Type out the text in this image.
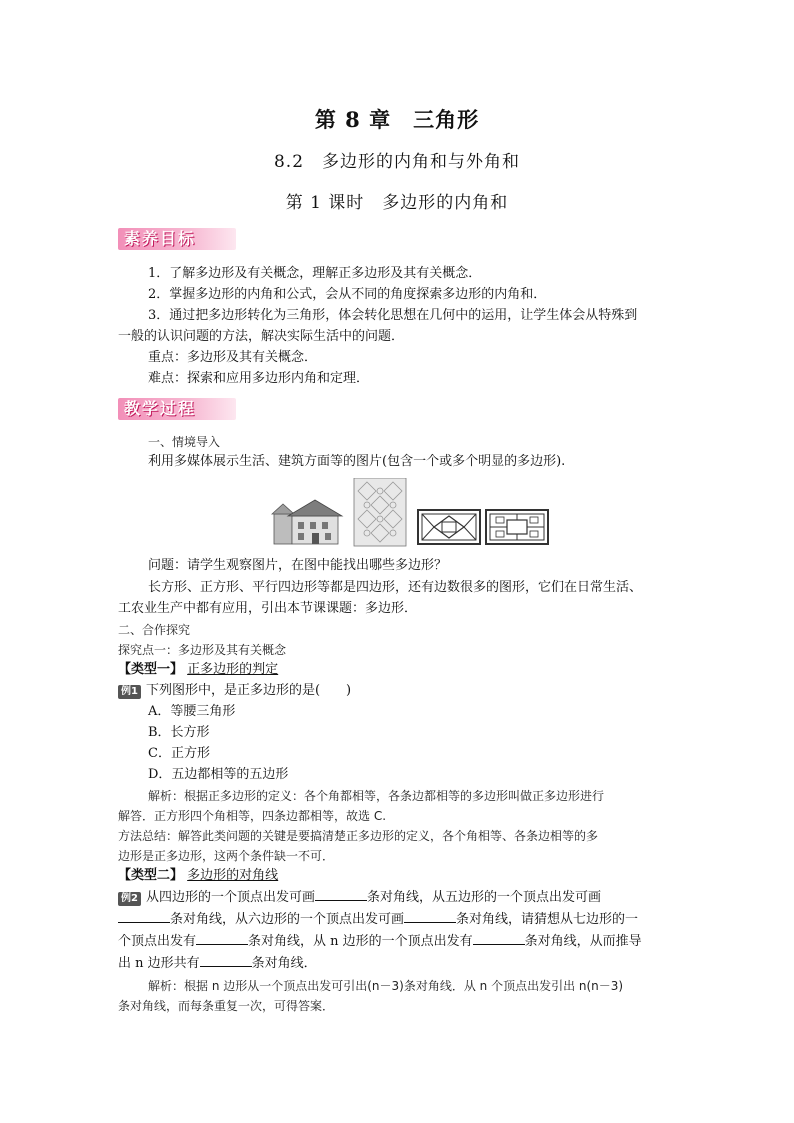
第 8 章　三角形
8.2　多边形的内角和与外角和
第 1 课时　多边形的内角和
素养目标
1．了解多边形及有关概念，理解正多边形及其有关概念．
2．掌握多边形的内角和公式，会从不同的角度探索多边形的内角和．
3．通过把多边形转化为三角形，体会转化思想在几何中的运用，让学生体会从特殊到
一般的认识问题的方法，解决实际生活中的问题．
重点：多边形及其有关概念．
难点：探索和应用多边形内角和定理．
教学过程
一、情境导入
利用多媒体展示生活、建筑方面等的图片(包含一个或多个明显的多边形).
问题：请学生观察图片，在图中能找出哪些多边形？
长方形、正方形、平行四边形等都是四边形，还有边数很多的图形，它们在日常生活、
工农业生产中都有应用，引出本节课课题：多边形．
二、合作探究
探究点一：多边形及其有关概念
【类型一】 正多边形的判定
例1 下列图形中，是正多边形的是(　　)
A．等腰三角形
B．长方形
C．正方形
D．五边都相等的五边形
解析：根据正多边形的定义：各个角都相等，各条边都相等的多边形叫做正多边形进行
解答．正方形四个角相等，四条边都相等，故选 C.
方法总结：解答此类问题的关键是要搞清楚正多边形的定义，各个角相等、各条边相等的多
边形是正多边形，这两个条件缺一不可．
【类型二】 多边形的对角线
例2 从四边形的一个顶点出发可画	条对角线，从五边形的一个顶点出发可画
条对角线，从六边形的一个顶点出发可画	条对角线，请猜想从七边形的一
个顶点出发有	条对角线，从 n 边形的一个顶点出发有	条对角线，从而推导
出 n 边形共有	条对角线．
解析：根据 n 边形从一个顶点出发可引出(n－3)条对角线．从 n 个顶点出发引出 n(n－3)
条对角线，而每条重复一次，可得答案．
